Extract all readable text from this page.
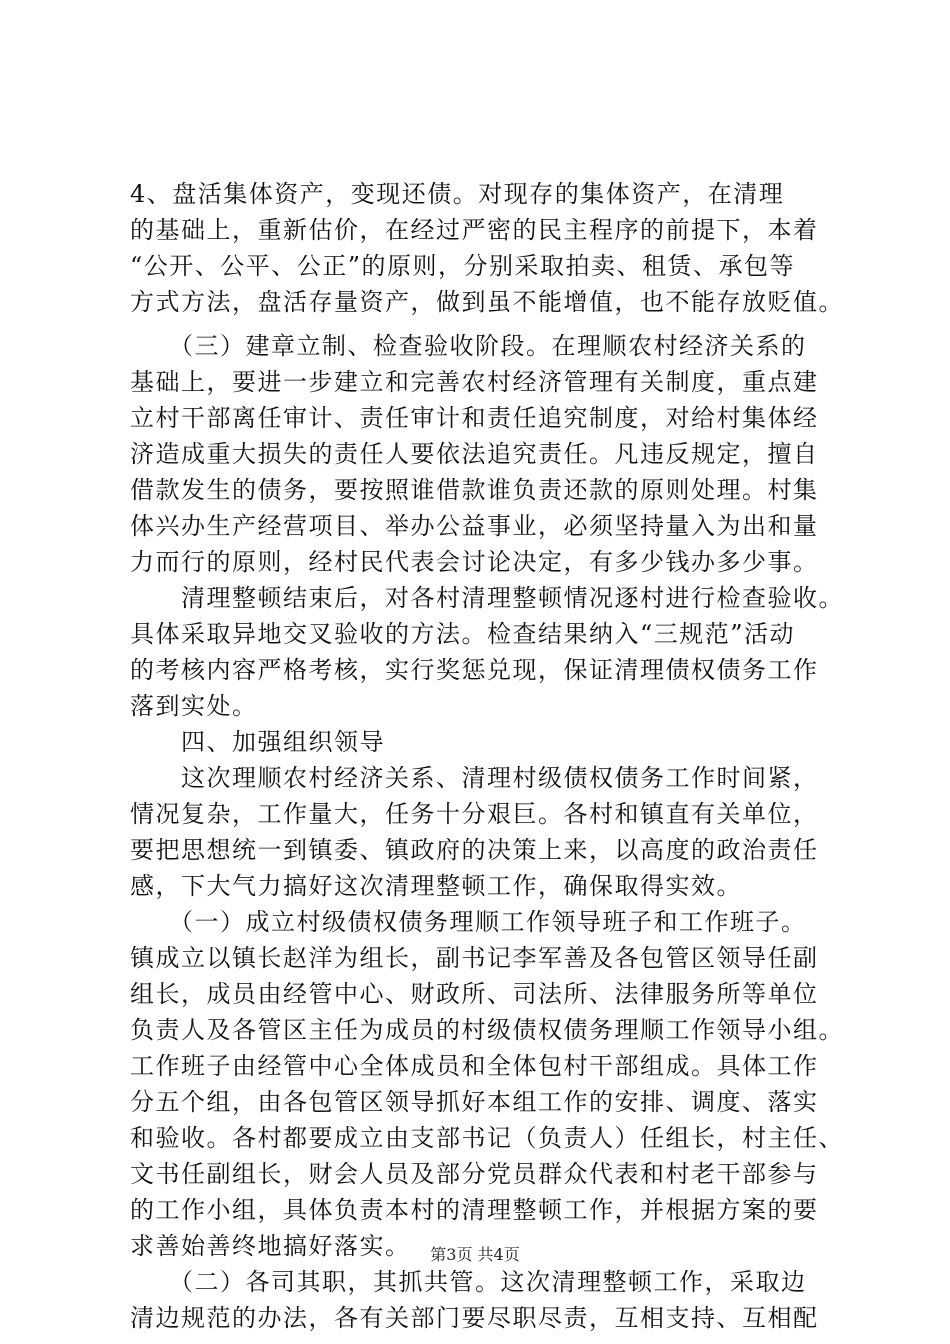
4、盘活集体资产，变现还债。对现存的集体资产，在清理
的基础上，重新估价，在经过严密的民主程序的前提下，本着
“公开、公平、公正”的原则，分别采取拍卖、租赁、承包等
方式方法，盘活存量资产，做到虽不能增值，也不能存放贬值。
　　（三）建章立制、检查验收阶段。在理顺农村经济关系的
基础上，要进一步建立和完善农村经济管理有关制度，重点建
立村干部离任审计、责任审计和责任追究制度，对给村集体经
济造成重大损失的责任人要依法追究责任。凡违反规定，擅自
借款发生的债务，要按照谁借款谁负责还款的原则处理。村集
体兴办生产经营项目、举办公益事业，必须坚持量入为出和量
力而行的原则，经村民代表会讨论决定，有多少钱办多少事。
　　清理整顿结束后，对各村清理整顿情况逐村进行检查验收。
具体采取异地交叉验收的方法。检查结果纳入“三规范”活动
的考核内容严格考核，实行奖惩兑现，保证清理债权债务工作
落到实处。
　　四、加强组织领导
　　这次理顺农村经济关系、清理村级债权债务工作时间紧，
情况复杂，工作量大，任务十分艰巨。各村和镇直有关单位，
要把思想统一到镇委、镇政府的决策上来，以高度的政治责任
感，下大气力搞好这次清理整顿工作，确保取得实效。
　　（一）成立村级债权债务理顺工作领导班子和工作班子。
镇成立以镇长赵洋为组长，副书记李军善及各包管区领导任副
组长，成员由经管中心、财政所、司法所、法律服务所等单位
负责人及各管区主任为成员的村级债权债务理顺工作领导小组。
工作班子由经管中心全体成员和全体包村干部组成。具体工作
分五个组，由各包管区领导抓好本组工作的安排、调度、落实
和验收。各村都要成立由支部书记（负责人）任组长，村主任、
文书任副组长，财会人员及部分党员群众代表和村老干部参与
的工作小组，具体负责本村的清理整顿工作，并根据方案的要
求善始善终地搞好落实。
　　（二）各司其职，其抓共管。这次清理整顿工作，采取边
清边规范的办法，各有关部门要尽职尽责，互相支持、互相配
第3页 共4页
